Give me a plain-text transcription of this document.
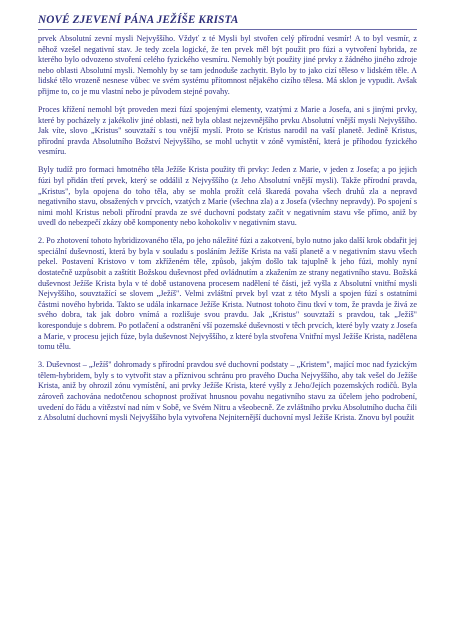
NOVÉ ZJEVENÍ PÁNA JEŽÍŠE KRISTA

prvek Absolutní zevní mysli Nejvyššího. Vždyť z té Mysli byl stvořen celý přírodní vesmír! A to byl vesmír, z něhož vzešel negativní stav. Je tedy zcela logické, že ten prvek měl být použit pro fúzi a vytvoření hybrida, ze kterého bylo odvozeno stvoření celého fyzického vesmíru. Nemohly být použity jiné prvky z žádného jiného zdroje nebo oblasti Absolutní mysli. Nemohly by se tam jednoduše zachytit. Bylo by to jako cizí těleso v lidském těle. A lidské tělo vrozeně nesnese vůbec ve svém systému přítomnost nějakého cizího tělesa. Má sklon je vypudit. Avšak přijme to, co je mu vlastní nebo je původem stejné povahy.

Proces křížení nemohl být proveden mezi fúzí spojenými elementy, vzatými z Marie a Josefa, ani s jinými prvky, které by pocházely z jakékoliv jiné oblasti, než byla oblast nejzevnějšího prvku Absolutní vnější mysli Nejvyššího. Jak víte, slovo „Kristus" souvztaží s tou vnější myslí. Proto se Kristus narodil na vaší planetě. Jedině Kristus, přírodní pravda Absolutního Božství Nejvyššího, se mohl uchytit v zóně vymístění, která je příhodou fyzického vesmíru.

Byly tudíž pro formaci hmotného těla Ježíše Krista použity tři prvky: Jeden z Marie, v jeden z Josefa; a po jejich fúzi byl přidán třetí prvek, který se oddálil z Nejvyššího (z Jeho Absolutní vnější mysli). Takže přírodní pravda, „Kristus", byla opojena do toho těla, aby se mohla prožít celá škaredá povaha všech druhů zla a nepravd negativního stavu, obsažených v prvcích, vzatých z Marie (všechna zla) a z Josefa (všechny nepravdy). Po spojení s nimi mohl Kristus neboli přírodní pravda ze své duchovní podstaty začít v negativním stavu vše přímo, aniž by uvedl do nebezpečí zkázy obě komponenty nebo kohokoliv v negativním stavu.

2. Po zhotovení tohoto hybridizovaného těla, po jeho náležité fúzi a zakotvení, bylo nutno jako další krok obdařit jej speciální duševností, která by byla v souladu s posláním Ježíše Krista na vaší planetě a v negativním stavu všech pekel. Postavení Kristovo v tom zkříženém těle, způsob, jakým došlo tak tajuplně k jeho fúzi, mohly nyní dostatečně uzpůsobit a zaštítit Božskou duševnost před ovládnutím a zkažením ze strany negativního stavu. Božská duševnost Ježíše Krista byla v té době ustanovena procesem nadělení té části, jež vyšla z Absolutní vnitřní mysli Nejvyššího, souvztažící se slovem „Ježíš". Velmi zvláštní prvek byl vzat z této Mysli a spojen fúzí s ostatními částmi nového hybrida. Takto se udála inkarnace Ježíše Krista. Nutnost tohoto činu tkví v tom, že pravda je živá ze svého dobra, tak jak dobro vnímá a rozlišuje svou pravdu. Jak „Kristus" souvztaží s pravdou, tak „Ježíš" koresponduje s dobrem. Po potlačení a odstranění vší pozemské duševnosti v těch prvcích, které byly vzaty z Josefa a Marie, v procesu jejich fúze, byla duševnost Nejvyššího, z které byla stvořena Vnitřní mysl Ježíše Krista, nadělena tomu tělu.

3. Duševnost – „Ježíš" dohromady s přírodní pravdou své duchovní podstaty – „Kristem", mající moc nad fyzickým tělem-hybridem, byly s to vytvořit stav a příznivou schránu pro pravého Ducha Nejvyššího, aby tak vešel do Ježíše Krista, aniž by ohrozil zónu vymístění, ani prvky Ježíše Krista, které vyšly z Jeho/Jejích pozemských rodičů. Byla zároveň zachována nedotčenou schopnost prožívat hnusnou povahu negativního stavu za účelem jeho podrobení, uvedení do řádu a vítězství nad ním v Sobě, ve Svém Nitru a všeobecně. Ze zvláštního prvku Absolutního ducha čili z Absolutní duchovní mysli Nejvyššího byla vytvořena Nejniternější duchovní mysl Ježíše Krista. Znovu byl použit
